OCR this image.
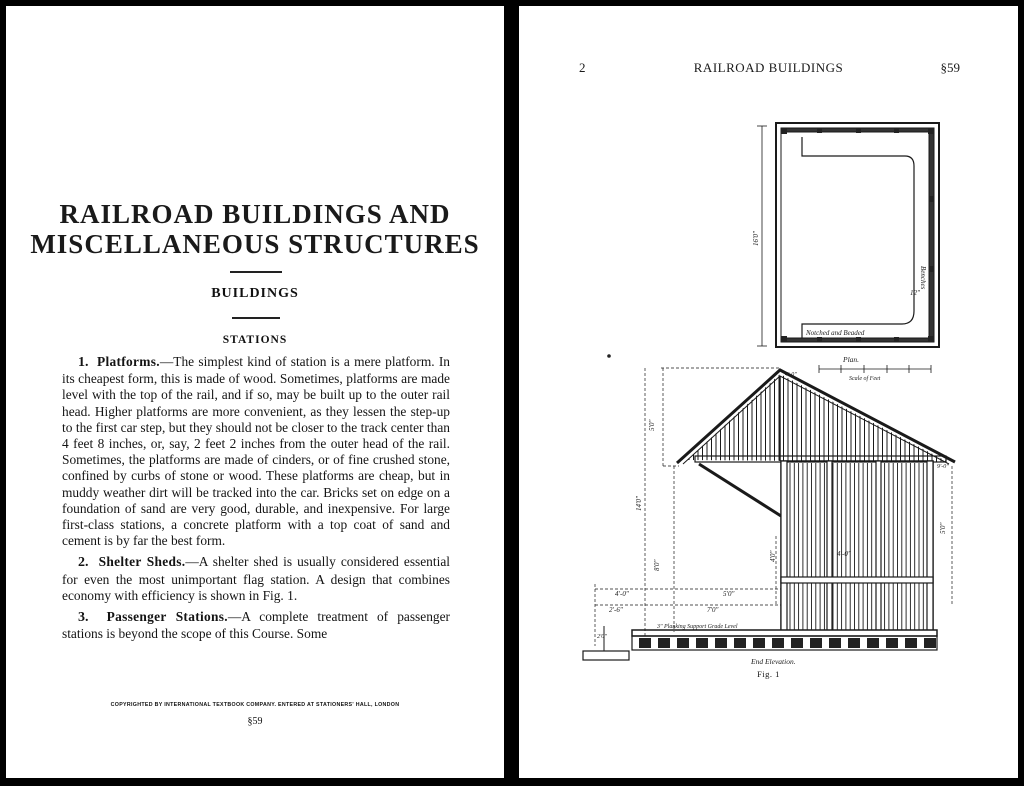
RAILROAD BUILDINGS AND
MISCELLANEOUS STRUCTURES
BUILDINGS
STATIONS

1. Platforms.—The simplest kind of station is a mere platform. In its cheapest form, this is made of wood. Sometimes, platforms are made level with the top of the rail, and if so, may be built up to the outer rail head. Higher platforms are more convenient, as they lessen the step-up to the first car step, but they should not be closer to the track center than 4 feet 8 inches, or, say, 2 feet 2 inches from the outer head of the rail. Sometimes, the platforms are made of cinders, or of fine crushed stone, confined by curbs of stone or wood. These platforms are cheap, but in muddy weather dirt will be tracked into the car. Bricks set on edge on a foundation of sand are very good, durable, and inexpensive. For large first-class stations, a concrete platform with a top coat of sand and cement is by far the best form.

2. Shelter Sheds.—A shelter shed is usually considered essential for even the most unimportant flag station. A design that combines economy with efficiency is shown in Fig. 1.

3. Passenger Stations.—A complete treatment of passenger stations is beyond the scope of this Course. Some

COPYRIGHTED BY INTERNATIONAL TEXTBOOK COMPANY. ENTERED AT STATIONERS' HALL, LONDON
§59
RAILROAD BUILDINGS
2	§59
16'0"
Benches
12"
Notched and Beaded
Plan.
Scale of Feet
5'0"
14'0"
8'0"
4'-0"
2'-6"
5'0"
7'0"
3" Planking Support Grade Level
5'0"
4'-0"
4'0"
4'-0"
9'-0"
2'0"
End Elevation.
Fig. 1
